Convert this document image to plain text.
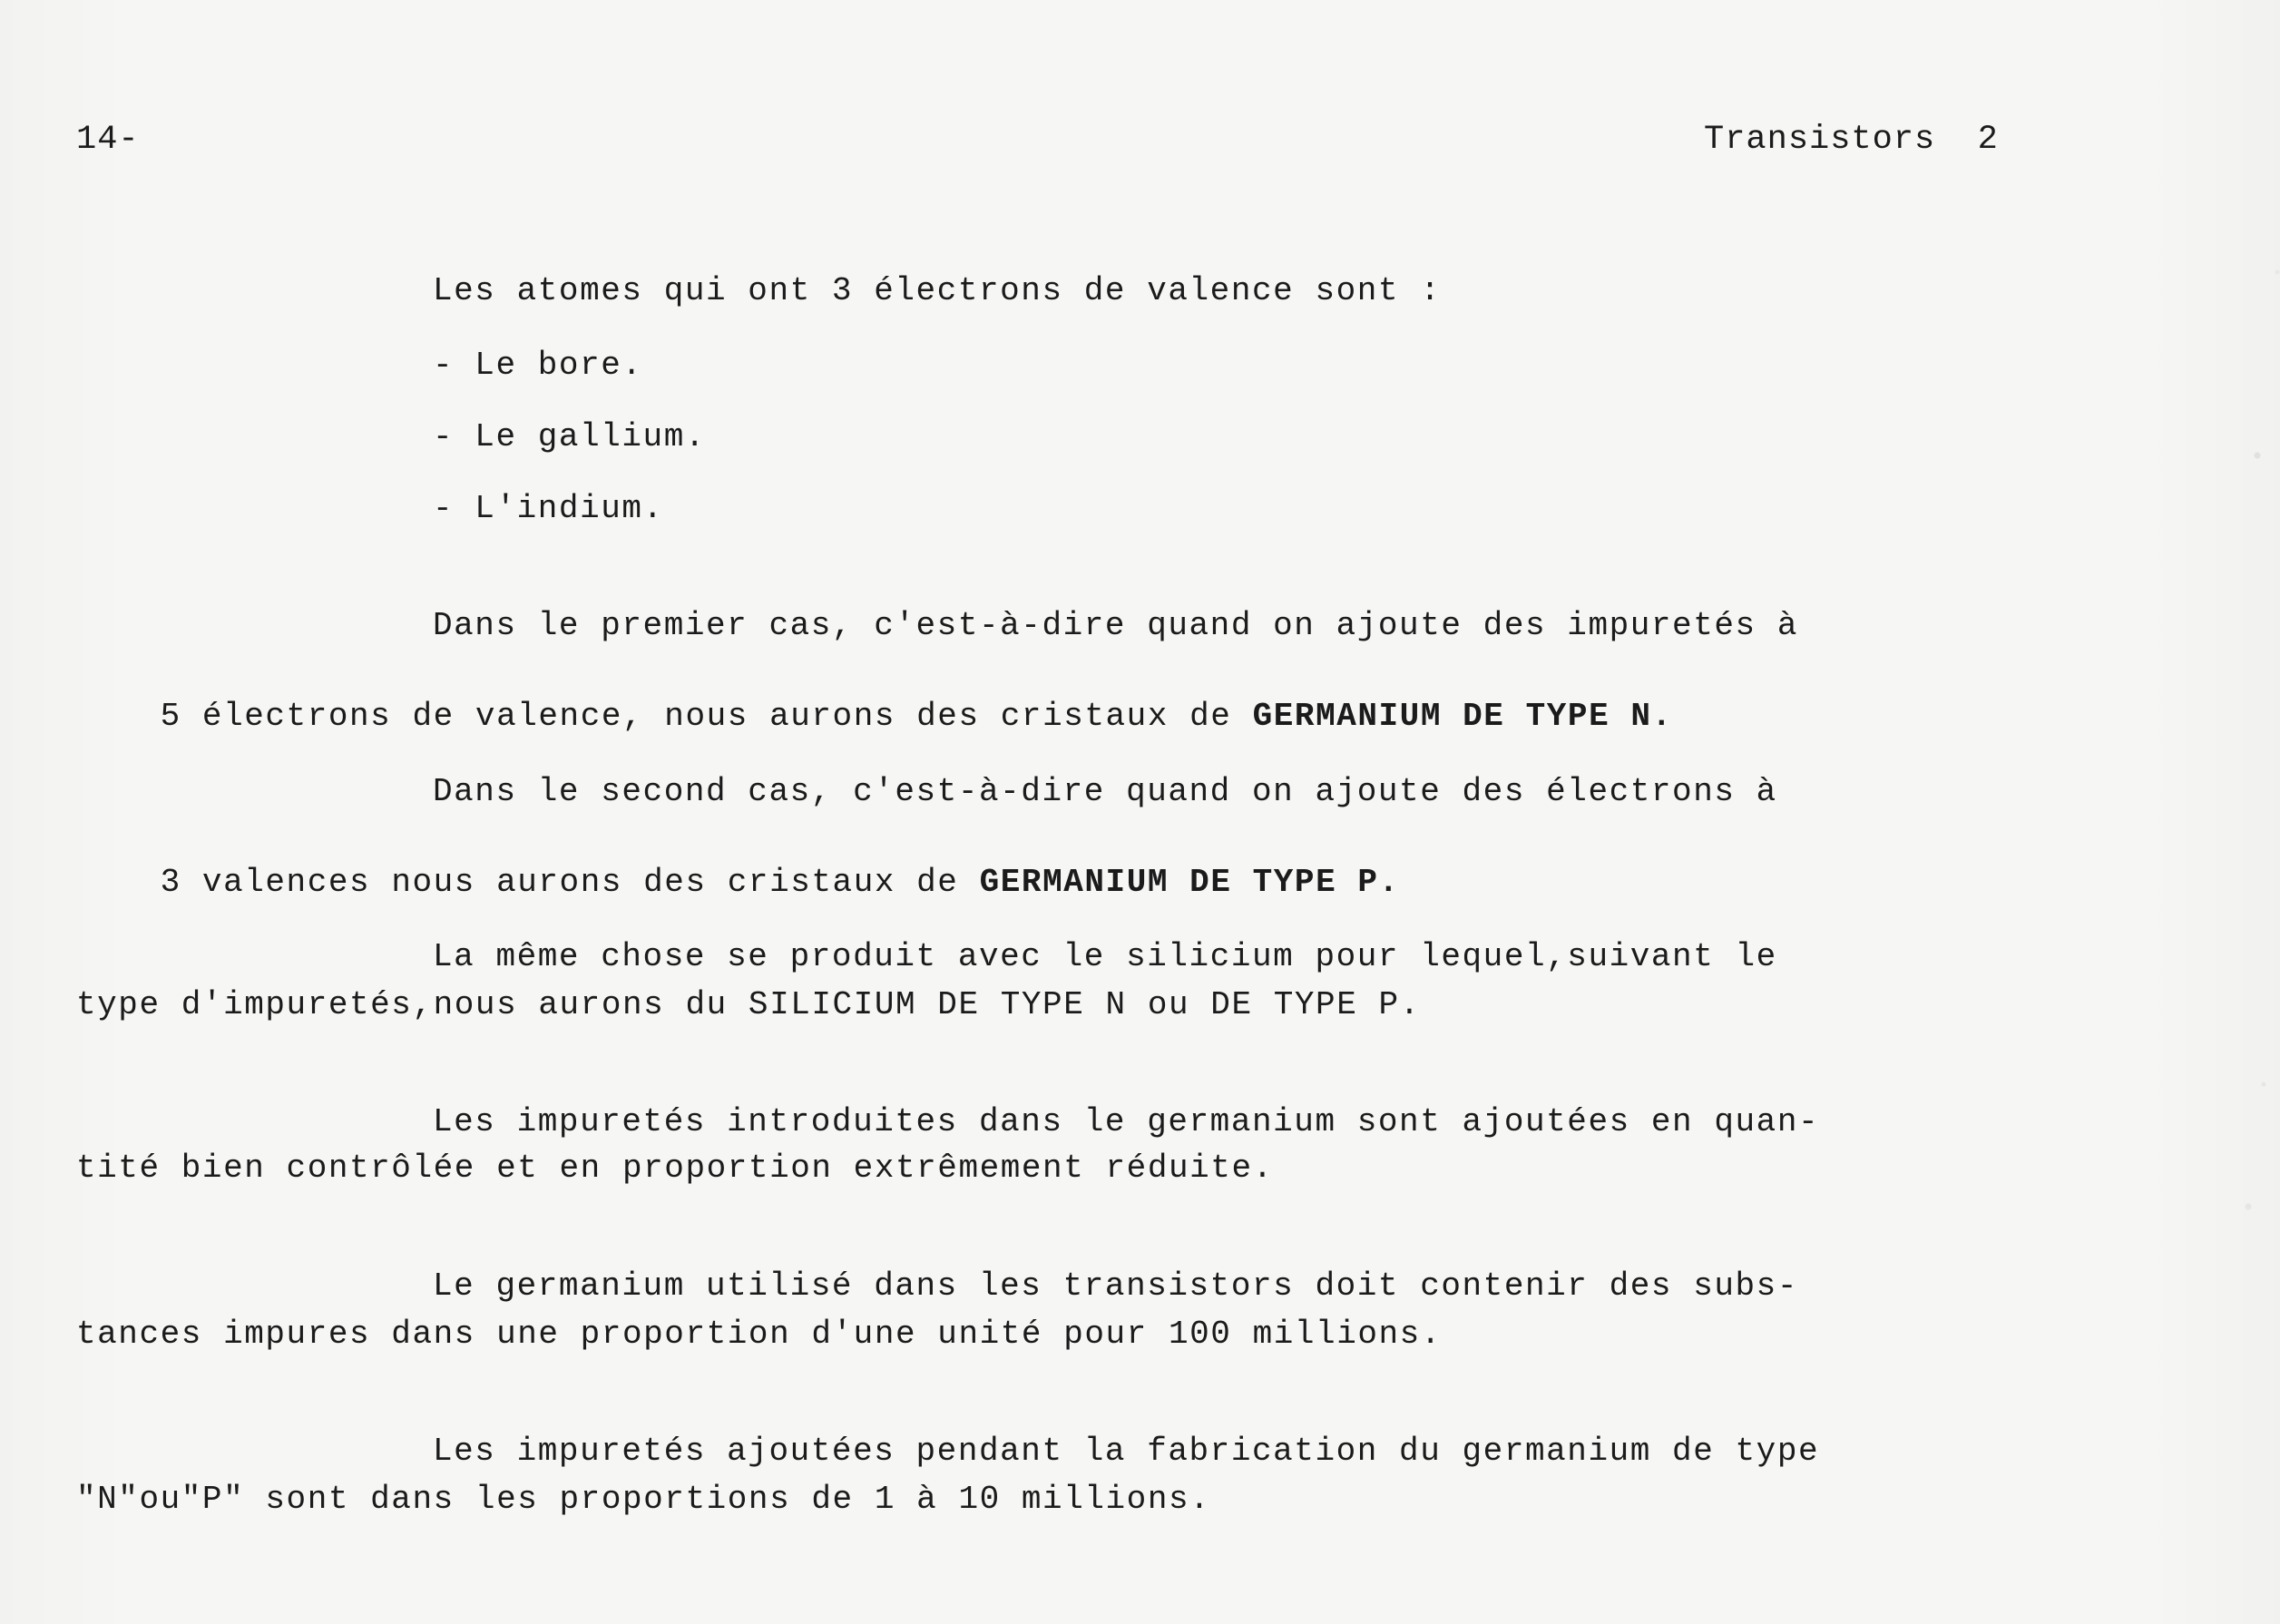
14-	Transistors  2
Les atomes qui ont 3 électrons de valence sont :
- Le bore.
- Le gallium.
- L'indium.
Dans le premier cas, c'est-à-dire quand on ajoute des impuretés à

5 électrons de valence, nous aurons des cristaux de GERMANIUM DE TYPE N.

Dans le second cas, c'est-à-dire quand on ajoute des électrons à

3 valences nous aurons des cristaux de GERMANIUM DE TYPE P.

La même chose se produit avec le silicium pour lequel,suivant le
type d'impuretés,nous aurons du SILICIUM DE TYPE N ou DE TYPE P.
Les impuretés introduites dans le germanium sont ajoutées en quan-
tité bien contrôlée et en proportion extrêmement réduite.
Le germanium utilisé dans les transistors doit contenir des subs-
tances impures dans une proportion d'une unité pour 100 millions.
Les impuretés ajoutées pendant la fabrication du germanium de type
"N"ou"P" sont dans les proportions de 1 à 10 millions.
